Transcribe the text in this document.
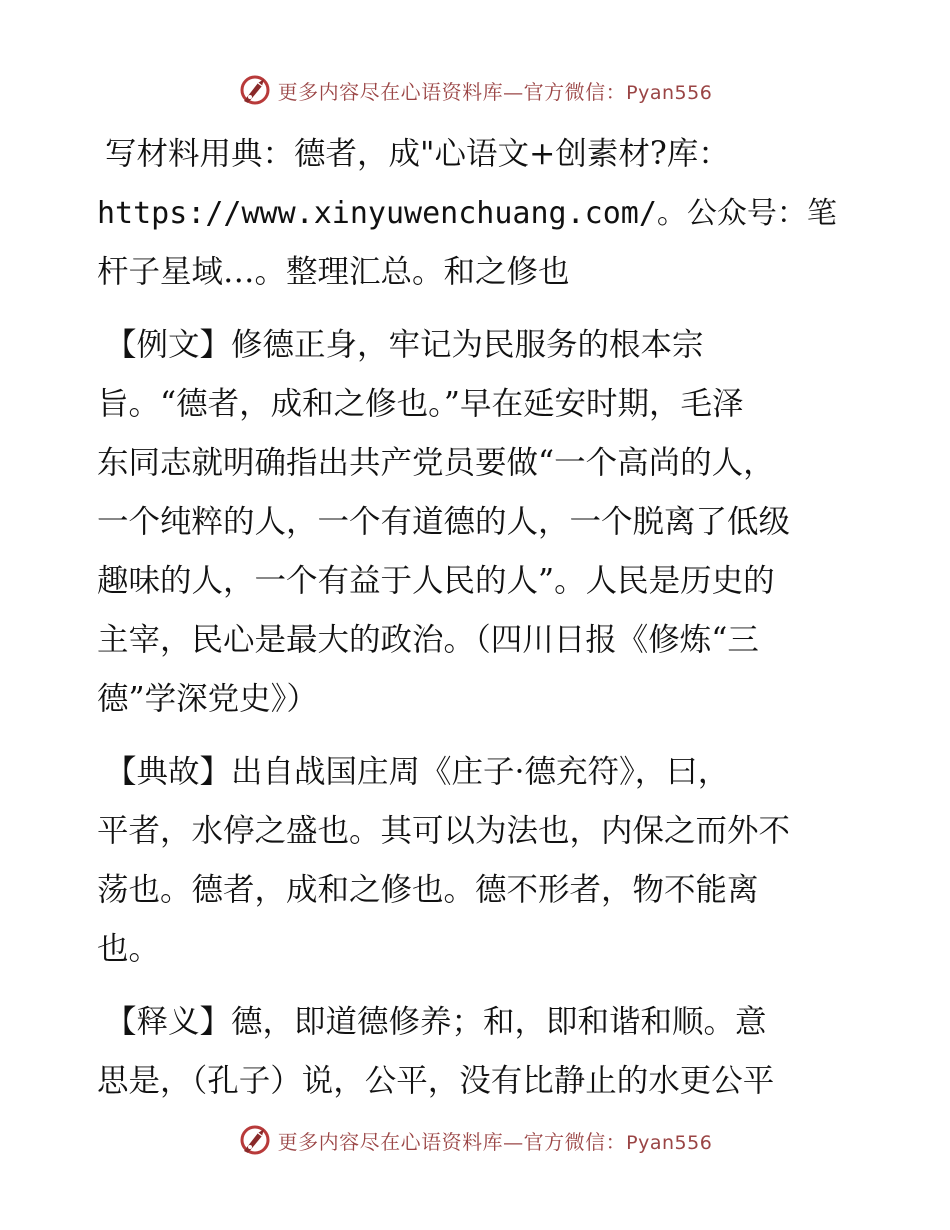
更多内容尽在心语资料库—官方微信：Pyan556
写材料用典：德者，成"心语文+创素材?库：
https://www.xinyuwenchuang.com/。公众号：笔
杆子星域…。整理汇总。和之修也
【例文】修德正身，牢记为民服务的根本宗
旨。“德者，成和之修也。”早在延安时期，毛泽
东同志就明确指出共产党员要做“一个高尚的人，
一个纯粹的人，一个有道德的人，一个脱离了低级
趣味的人，一个有益于人民的人”。人民是历史的
主宰，民心是最大的政治。（四川日报《修炼“三
德”学深党史》）
【典故】出自战国庄周《庄子·德充符》，曰，
平者，水停之盛也。其可以为法也，内保之而外不
荡也。德者，成和之修也。德不形者，物不能离
也。
【释义】德，即道德修养；和，即和谐和顺。意
思是，（孔子）说，公平，没有比静止的水更公平
更多内容尽在心语资料库—官方微信：Pyan556
